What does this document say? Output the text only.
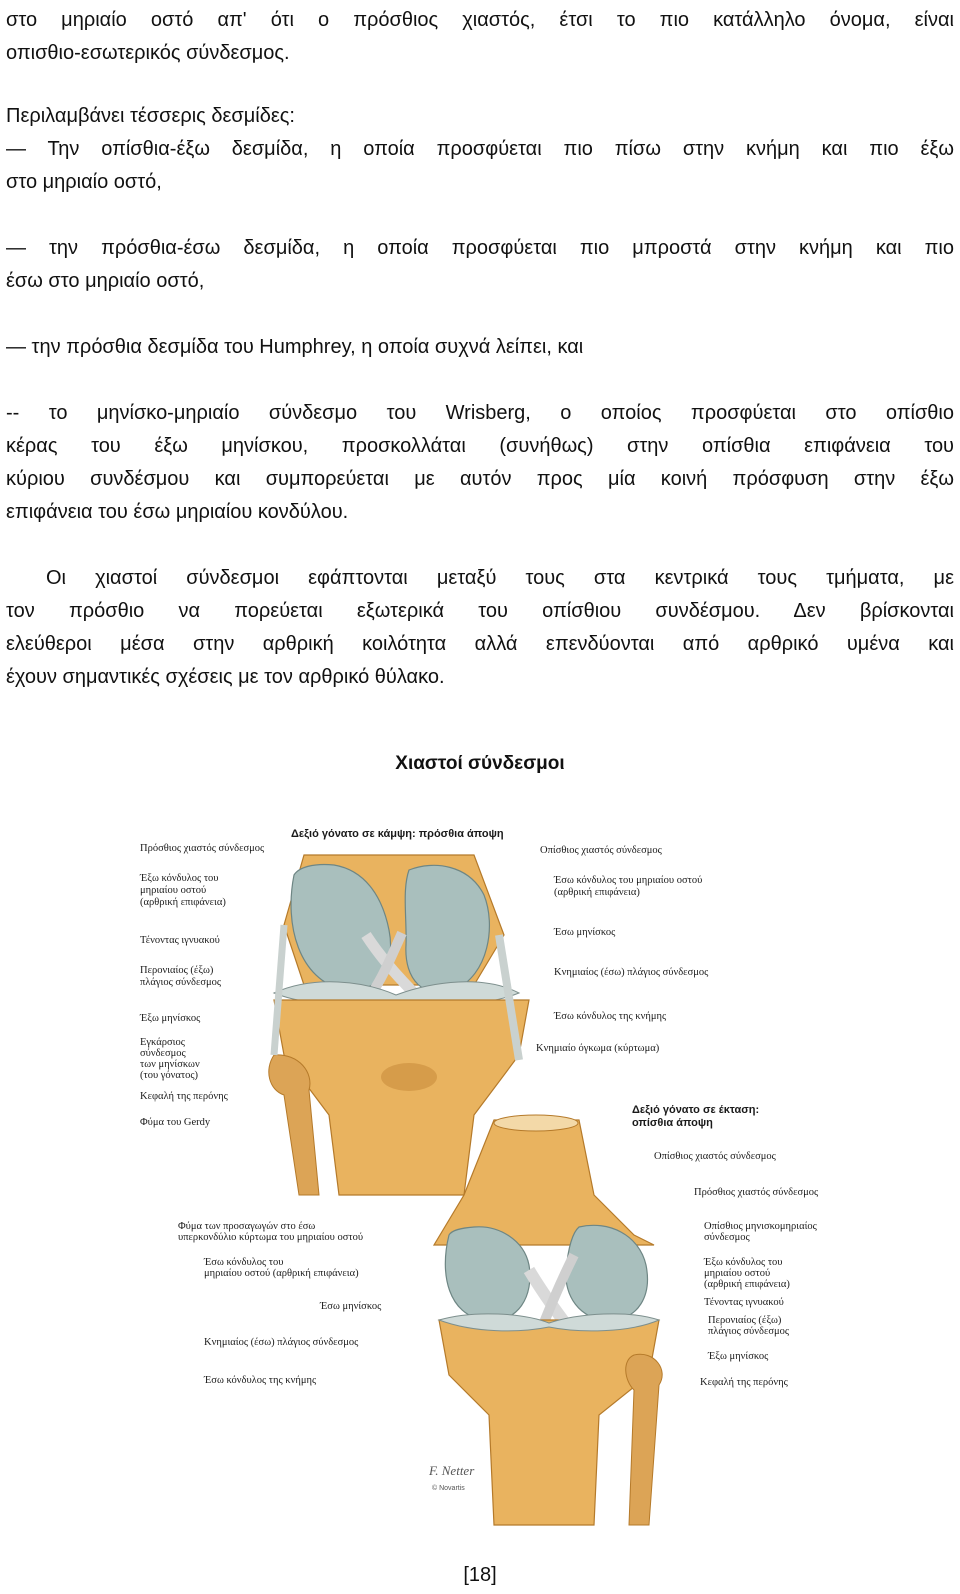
στο μηριαίο οστό απ' ότι ο πρόσθιος χιαστός, έτσι το πιο κατάλληλο όνομα, είναι
οπισθιο-εσωτερικός σύνδεσμος.
Περιλαμβάνει τέσσερις δεσμίδες:
— Την οπίσθια-έξω δεσμίδα, η οποία προσφύεται πιο πίσω στην κνήμη και πιο έξω
στο μηριαίο οστό,
— την πρόσθια-έσω δεσμίδα, η οποία προσφύεται πιο μπροστά στην κνήμη και πιο
έσω στο μηριαίο οστό,
— την πρόσθια δεσμίδα του Humphrey, η οποία συχνά λείπει, και
-- το μηνίσκο-μηριαίο σύνδεσμο του Wrisberg, ο οποίος προσφύεται στο οπίσθιο
κέρας του έξω μηνίσκου, προσκολλάται (συνήθως) στην οπίσθια επιφάνεια του
κύριου συνδέσμου και συμπορεύεται με αυτόν προς μία κοινή πρόσφυση στην έξω
επιφάνεια του έσω μηριαίου κονδύλου.
Οι χιαστοί σύνδεσμοι εφάπτονται μεταξύ τους στα κεντρικά τους τμήματα, με
τον πρόσθιο να πορεύεται εξωτερικά του οπίσθιου συνδέσμου. Δεν βρίσκονται
ελεύθεροι μέσα στην αρθρική κοιλότητα αλλά επενδύονται από αρθρικό υμένα και
έχουν σημαντικές σχέσεις με τον αρθρικό θύλακο.
Χιαστοί σύνδεσμοι
Δεξιό γόνατο σε κάμψη: πρόσθια άποψη
Πρόσθιος χιαστός σύνδεσμος
Έξω κόνδυλος του
μηριαίου οστού
(αρθρική επιφάνεια)
Τένοντας ιγνυακού
Περονιαίος (έξω)
πλάγιος σύνδεσμος
Έξω μηνίσκος
Εγκάρσιος
σύνδεσμος
των μηνίσκων
(του γόνατος)
Κεφαλή της περόνης
Φύμα του Gerdy
Οπίσθιος χιαστός σύνδεσμος
Έσω κόνδυλος του μηριαίου οστού
(αρθρική επιφάνεια)
Έσω μηνίσκος
Κνημιαίος (έσω) πλάγιος σύνδεσμος
Έσω κόνδυλος της κνήμης
Κνημιαίο όγκωμα (κύρτωμα)
Δεξιό γόνατο σε έκταση:
οπίσθια άποψη
Φύμα των προσαγωγών στο έσω
υπερκονδύλιο κύρτωμα του μηριαίου οστού
Έσω κόνδυλος του
μηριαίου οστού (αρθρική επιφάνεια)
Έσω μηνίσκος
Κνημιαίος (έσω) πλάγιος σύνδεσμος
Έσω κόνδυλος της κνήμης
Οπίσθιος χιαστός σύνδεσμος
Πρόσθιος χιαστός σύνδεσμος
Οπίσθιος μηνισκομηριαίος
σύνδεσμος
Έξω κόνδυλος του
μηριαίου οστού
(αρθρική επιφάνεια)
Τένοντας ιγνυακού
Περονιαίος (έξω)
πλάγιος σύνδεσμος
Έξω μηνίσκος
Κεφαλή της περόνης
F. Netter
© Novartis
[18]
